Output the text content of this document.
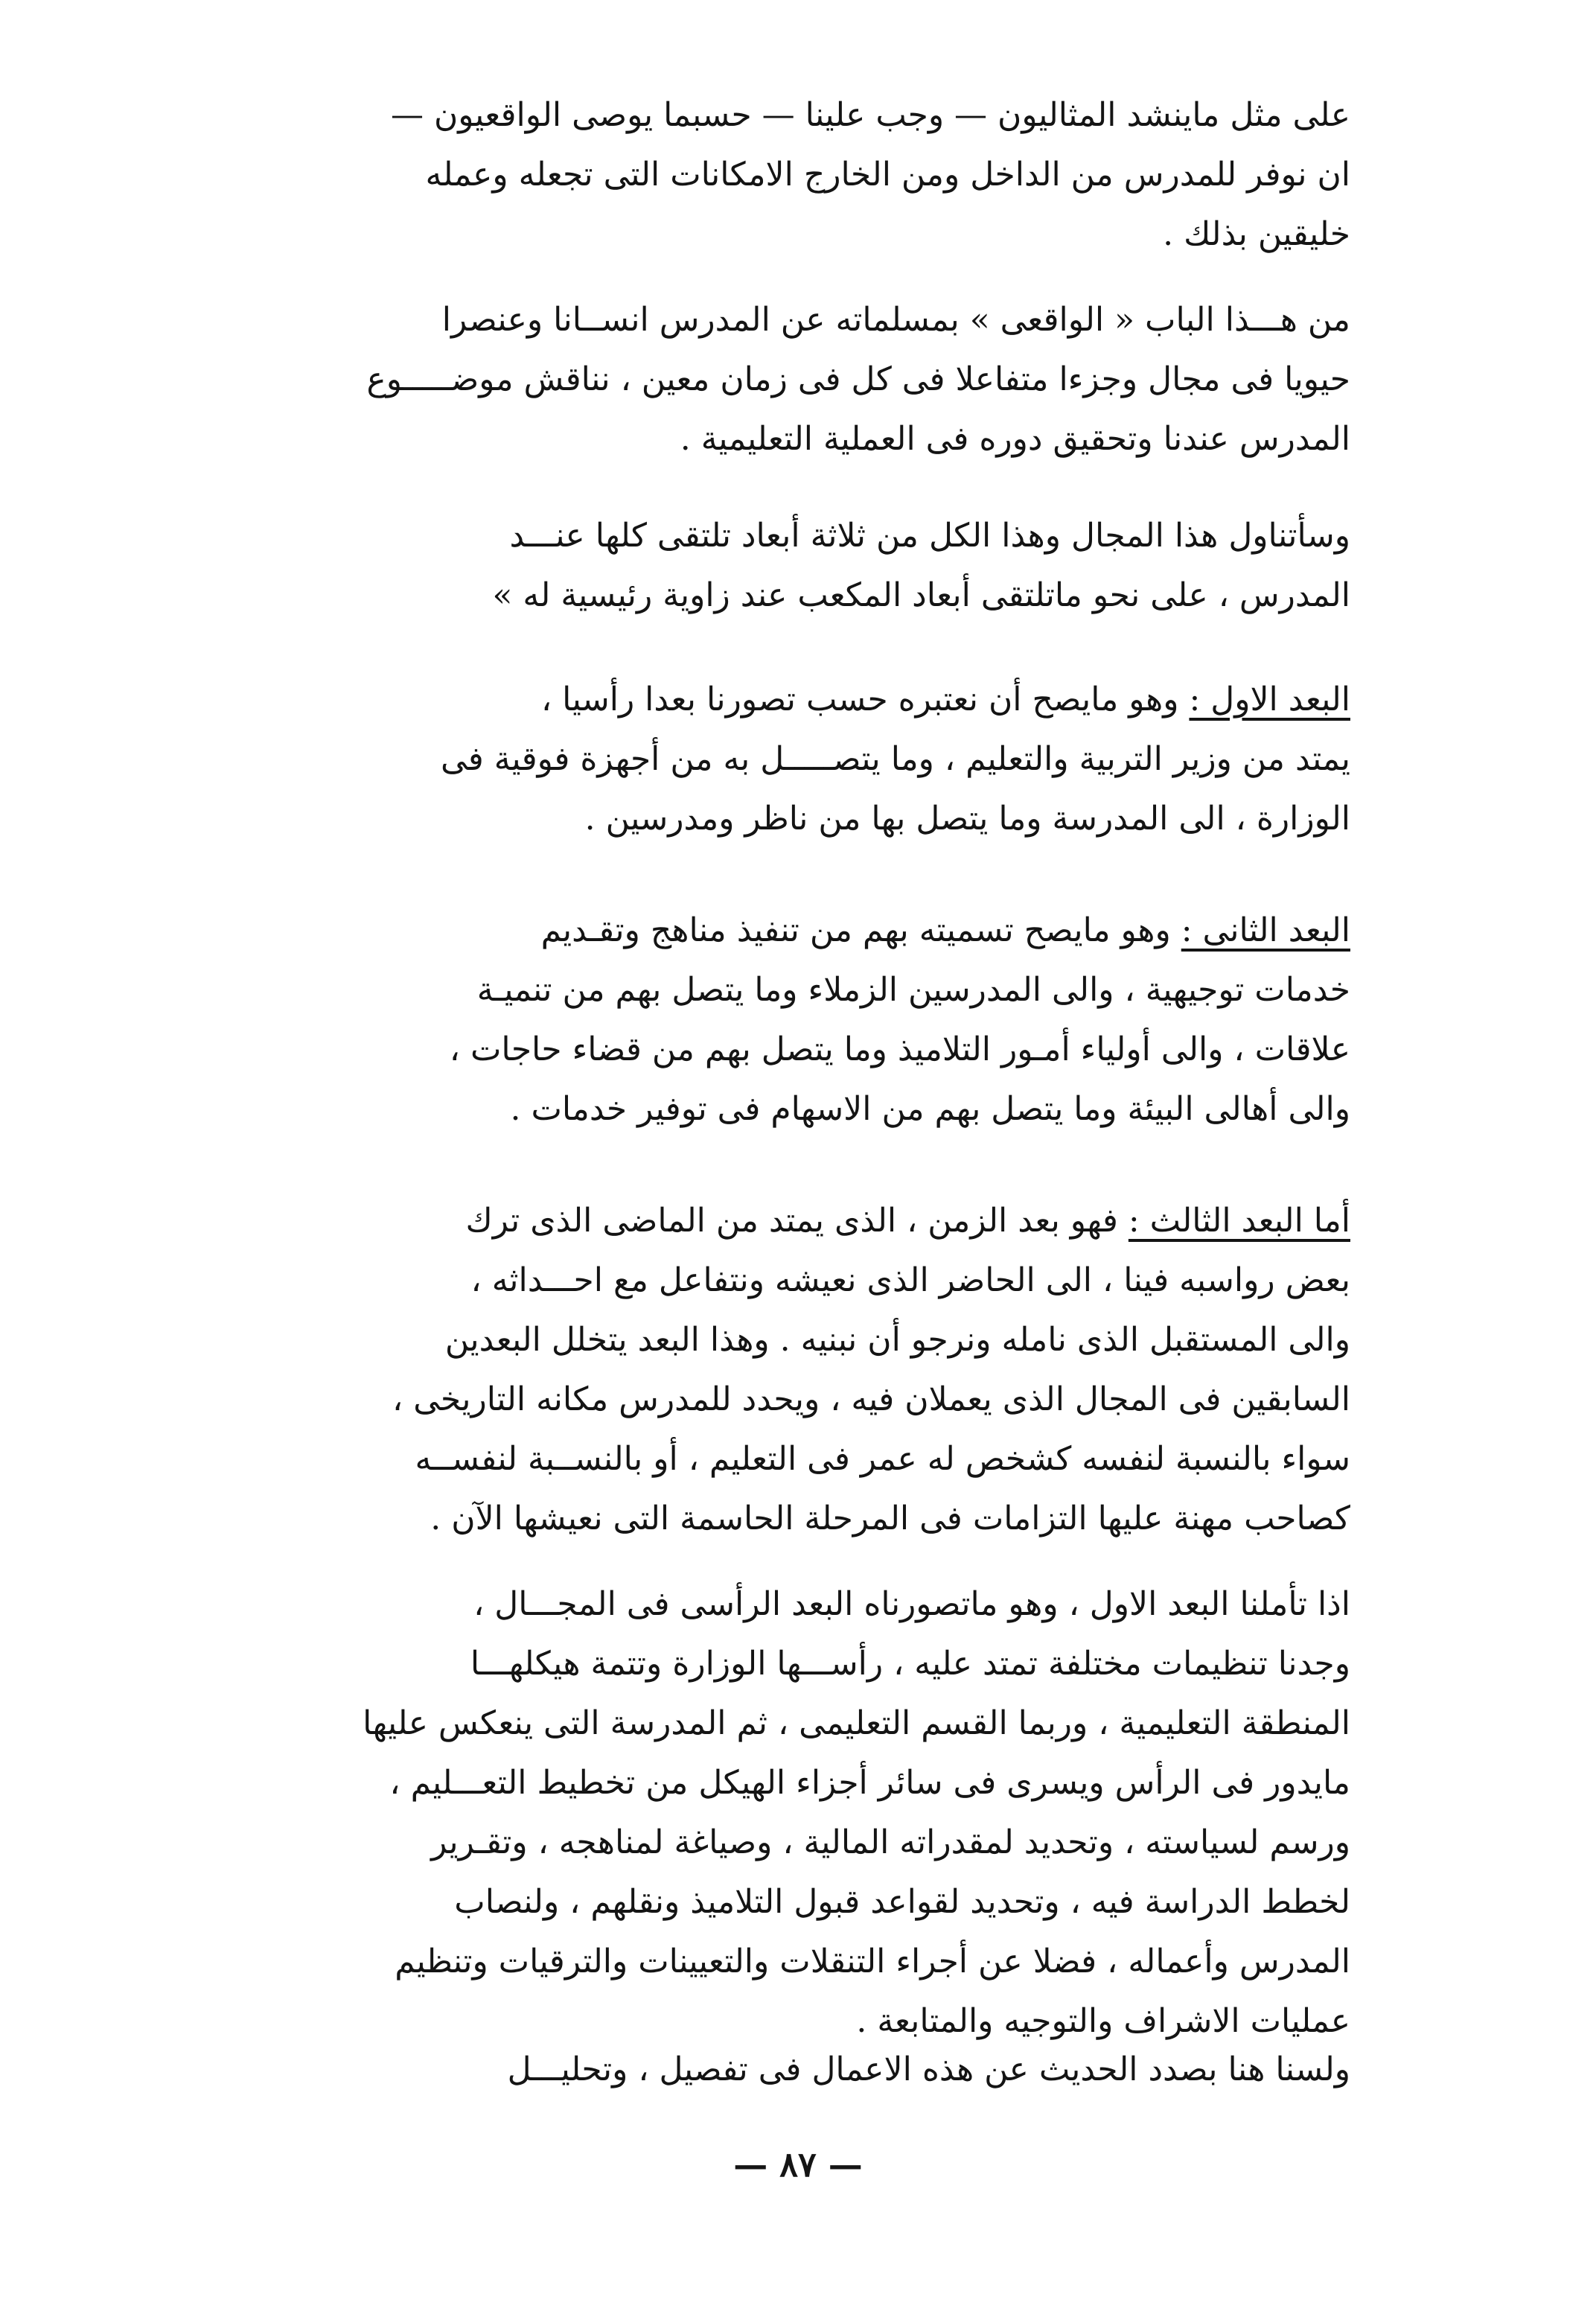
على مثل ماينشد المثاليون — وجب علينا — حسبما يوصى الواقعيون —
ان نوفر للمدرس من الداخل ومن الخارج الامكانات التى تجعله وعمله
خليقين بذلك .
من هـــذا الباب « الواقعى » بمسلماته عن المدرس انســانا وعنصرا
حيويا فى مجال وجزءا متفاعلا فى كل فى زمان معين ، نناقش موضـــــوع
المدرس عندنا وتحقيق دوره فى العملية التعليمية .
وسأتناول هذا المجال وهذا الكل من ثلاثة أبعاد تلتقى كلها عنـــد
المدرس ، على نحو ماتلتقى أبعاد المكعب عند زاوية رئيسية له »
البعد الاول : وهو مايصح أن نعتبره حسب تصورنا بعدا رأسيا ،
يمتد من وزير التربية والتعليم ، وما يتصـــــل به من أجهزة فوقية فى
الوزارة ، الى المدرسة وما يتصل بها من ناظر ومدرسين .
البعد الثانى : وهو مايصح تسميته بهم من تنفيذ مناهج وتقـديم
خدمات توجيهية ، والى المدرسين الزملاء وما يتصل بهم من تنميـة
علاقات ، والى أولياء أمـور التلاميذ وما يتصل بهم من قضاء حاجات ،
والى أهالى البيئة وما يتصل بهم من الاسهام فى توفير خدمات .
أما البعد الثالث : فهو بعد الزمن ، الذى يمتد من الماضى الذى ترك
بعض رواسبه فينا ، الى الحاضر الذى نعيشه ونتفاعل مع احـــداثه ،
والى المستقبل الذى نامله ونرجو أن نبنيه . وهذا البعد يتخلل البعدين
السابقين فى المجال الذى يعملان فيه ، ويحدد للمدرس مكانه التاريخى ،
سواء بالنسبة لنفسه كشخص له عمر فى التعليم ، أو بالنســبة لنفســه
كصاحب مهنة عليها التزامات فى المرحلة الحاسمة التى نعيشها الآن .
اذا تأملنا البعد الاول ، وهو ماتصورناه البعد الرأسى فى المجـــال ،
وجدنا تنظيمات مختلفة تمتد عليه ، رأســـها الوزارة وتتمة هيكلهـــا
المنطقة التعليمية ، وربما القسم التعليمى ، ثم المدرسة التى ينعكس عليها
مايدور فى الرأس ويسرى فى سائر أجزاء الهيكل من تخطيط التعـــليم ،
ورسم لسياسته ، وتحديد لمقدراته المالية ، وصياغة لمناهجه ، وتقـرير
لخطط الدراسة فيه ، وتحديد لقواعد قبول التلاميذ ونقلهم ، ولنصاب
المدرس وأعماله ، فضلا عن أجراء التنقلات والتعيينات والترقيات وتنظيم
عمليات الاشراف والتوجيه والمتابعة .
ولسنا هنا بصدد الحديث عن هذه الاعمال فى تفصيل ، وتحليـــل
— ٨٧ —
